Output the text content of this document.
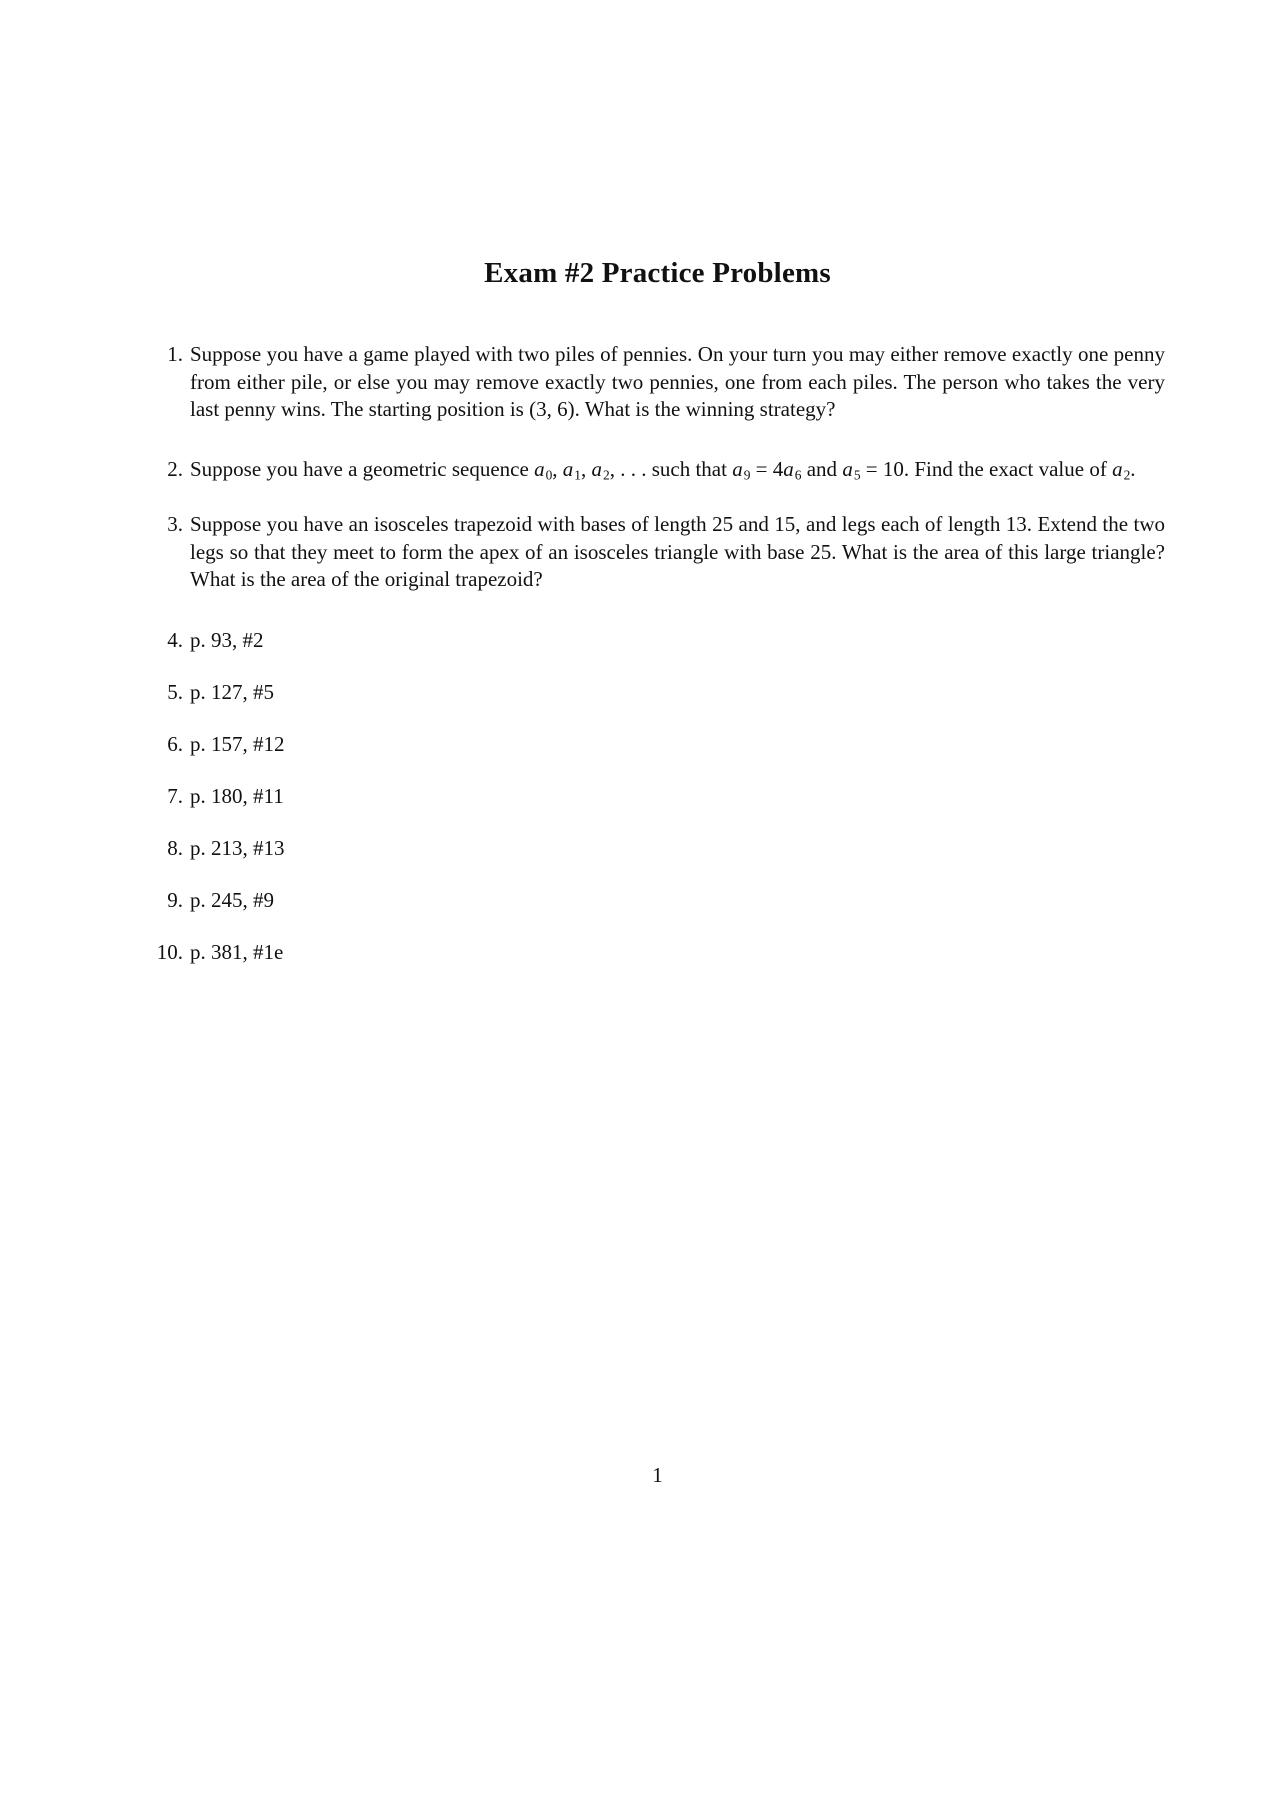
Exam #2 Practice Problems
1. Suppose you have a game played with two piles of pennies. On your turn you may either remove exactly one penny from either pile, or else you may remove exactly two pennies, one from each piles. The person who takes the very last penny wins. The starting position is (3, 6). What is the winning strategy?
2. Suppose you have a geometric sequence $a_0$, $a_1$, $a_2$, . . . such that $a_9 = 4a_6$ and $a_5 = 10$. Find the exact value of $a_2$.
3. Suppose you have an isosceles trapezoid with bases of length 25 and 15, and legs each of length 13. Extend the two legs so that they meet to form the apex of an isosceles triangle with base 25. What is the area of this large triangle? What is the area of the original trapezoid?
4. p. 93, #2
5. p. 127, #5
6. p. 157, #12
7. p. 180, #11
8. p. 213, #13
9. p. 245, #9
10. p. 381, #1e
1
